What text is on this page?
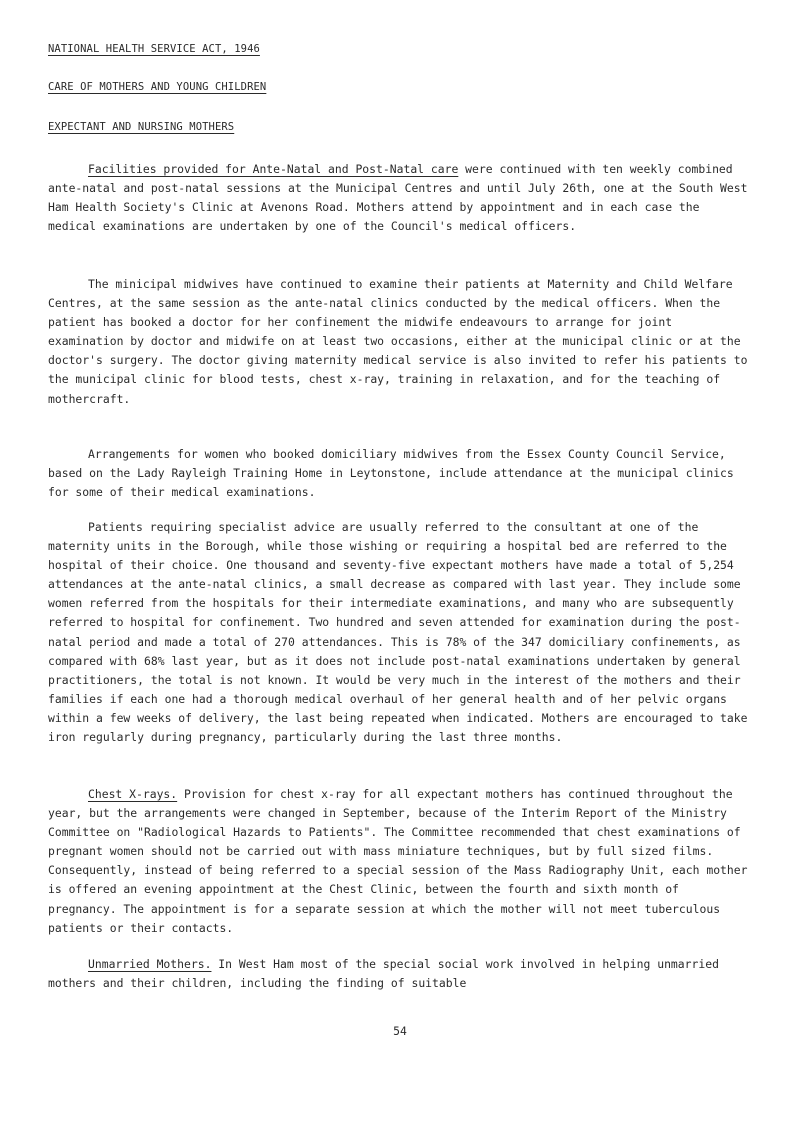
NATIONAL HEALTH SERVICE ACT, 1946
CARE OF MOTHERS AND YOUNG CHILDREN
EXPECTANT AND NURSING MOTHERS

Facilities provided for Ante-Natal and Post-Natal care were continued with ten weekly combined ante-natal and post-natal sessions at the Municipal Centres and until July 26th, one at the South West Ham Health Society's Clinic at Avenons Road. Mothers attend by appointment and in each case the medical examinations are undertaken by one of the Council's medical officers.

The minicipal midwives have continued to examine their patients at Maternity and Child Welfare Centres, at the same session as the ante-natal clinics conducted by the medical officers. When the patient has booked a doctor for her confinement the midwife endeavours to arrange for joint examination by doctor and midwife on at least two occasions, either at the municipal clinic or at the doctor's surgery. The doctor giving maternity medical service is also invited to refer his patients to the municipal clinic for blood tests, chest x-ray, training in relaxation, and for the teaching of mothercraft.

Arrangements for women who booked domiciliary midwives from the Essex County Council Service, based on the Lady Rayleigh Training Home in Leytonstone, include attendance at the municipal clinics for some of their medical examinations.

Patients requiring specialist advice are usually referred to the consultant at one of the maternity units in the Borough, while those wishing or requiring a hospital bed are referred to the hospital of their choice. One thousand and seventy-five expectant mothers have made a total of 5,254 attendances at the ante-natal clinics, a small decrease as compared with last year. They include some women referred from the hospitals for their intermediate examinations, and many who are subsequently referred to hospital for confinement. Two hundred and seven attended for examination during the post-natal period and made a total of 270 attendances. This is 78% of the 347 domiciliary confinements, as compared with 68% last year, but as it does not include post-natal examinations undertaken by general practitioners, the total is not known. It would be very much in the interest of the mothers and their families if each one had a thorough medical overhaul of her general health and of her pelvic organs within a few weeks of delivery, the last being repeated when indicated. Mothers are encouraged to take iron regularly during pregnancy, particularly during the last three months.

Chest X-rays. Provision for chest x-ray for all expectant mothers has continued throughout the year, but the arrangements were changed in September, because of the Interim Report of the Ministry Committee on "Radiological Hazards to Patients". The Committee recommended that chest examinations of pregnant women should not be carried out with mass miniature techniques, but by full sized films. Consequently, instead of being referred to a special session of the Mass Radiography Unit, each mother is offered an evening appointment at the Chest Clinic, between the fourth and sixth month of pregnancy. The appointment is for a separate session at which the mother will not meet tuberculous patients or their contacts.

Unmarried Mothers. In West Ham most of the special social work involved in helping unmarried mothers and their children, including the finding of suitable

54
